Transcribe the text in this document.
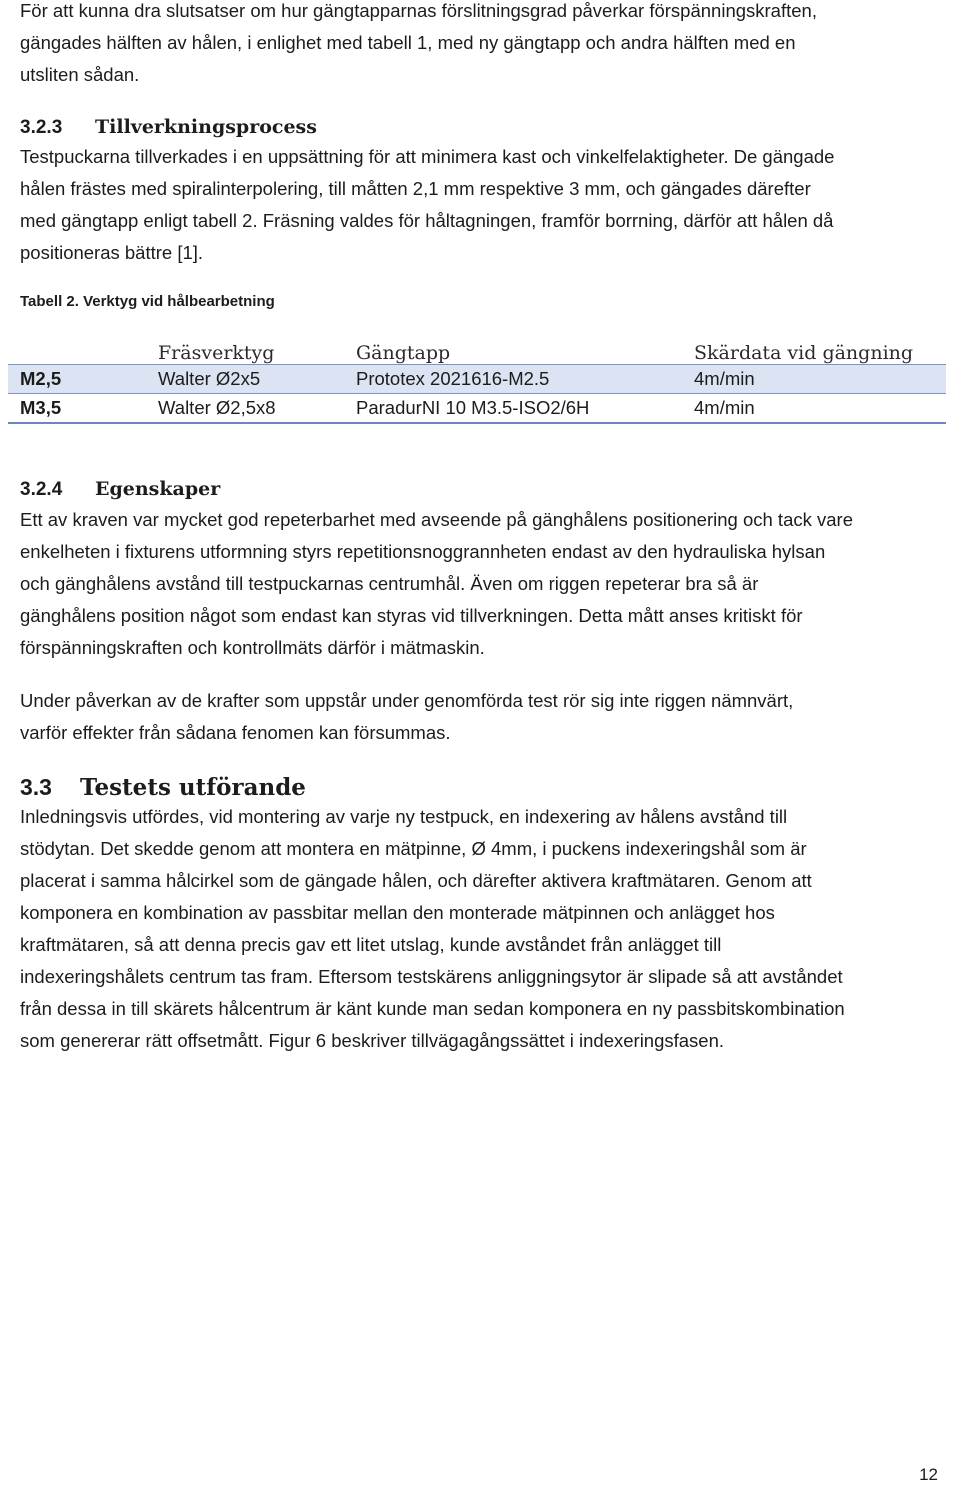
För att kunna dra slutsatser om hur gängtapparnas förslitningsgrad påverkar förspänningskraften,
gängades hälften av hålen, i enlighet med tabell 1, med ny gängtapp och andra hälften med en
utsliten sådan.

3.2.3 Tillverkningsprocess

Testpuckarna tillverkades i en uppsättning för att minimera kast och vinkelfelaktigheter. De gängade
hålen frästes med spiralinterpolering, till måtten 2,1 mm respektive 3 mm, och gängades därefter
med gängtapp enligt tabell 2. Fräsning valdes för håltagningen, framför borrning, därför att hålen då
positioneras bättre [1].

Tabell 2. Verktyg vid hålbearbetning

	Fräsverktyg	Gängtapp	Skärdata vid gängning
M2,5	Walter Ø2x5	Prototex 2021616-M2.5	4m/min
M3,5	Walter Ø2,5x8	ParadurNI 10 M3.5-ISO2/6H	4m/min
3.2.4 Egenskaper

Ett av kraven var mycket god repeterbarhet med avseende på gänghålens positionering och tack vare
enkelheten i fixturens utformning styrs repetitionsnoggrannheten endast av den hydrauliska hylsan
och gänghålens avstånd till testpuckarnas centrumhål. Även om riggen repeterar bra så är
gänghålens position något som endast kan styras vid tillverkningen. Detta mått anses kritiskt för
förspänningskraften och kontrollmäts därför i mätmaskin.

Under påverkan av de krafter som uppstår under genomförda test rör sig inte riggen nämnvärt,
varför effekter från sådana fenomen kan försummas.

3.3 Testets utförande

Inledningsvis utfördes, vid montering av varje ny testpuck, en indexering av hålens avstånd till
stödytan. Det skedde genom att montera en mätpinne, Ø 4mm, i puckens indexeringshål som är
placerat i samma hålcirkel som de gängade hålen, och därefter aktivera kraftmätaren. Genom att
komponera en kombination av passbitar mellan den monterade mätpinnen och anlägget hos
kraftmätaren, så att denna precis gav ett litet utslag, kunde avståndet från anlägget till
indexeringshålets centrum tas fram. Eftersom testskärens anliggningsytor är slipade så att avståndet
från dessa in till skärets hålcentrum är känt kunde man sedan komponera en ny passbitskombination
som genererar rätt offsetmått. Figur 6 beskriver tillvägagångssättet i indexeringsfasen.

12
